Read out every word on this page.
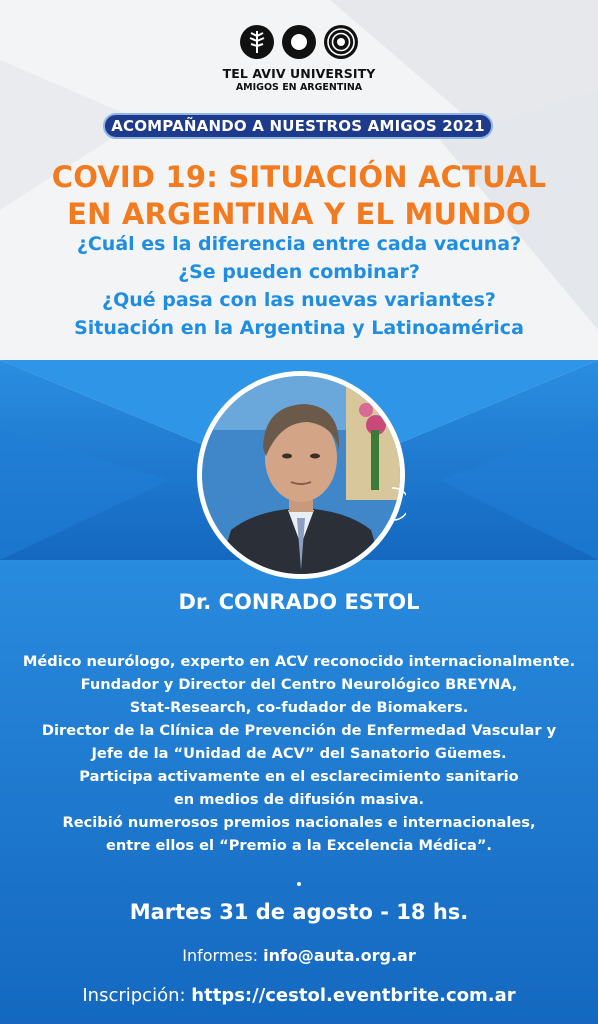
TEL AVIV UNIVERSITY
AMIGOS EN ARGENTINA
ACOMPAÑANDO A NUESTROS AMIGOS 2021
COVID 19: SITUACIÓN ACTUAL
EN ARGENTINA Y EL MUNDO
¿Cuál es la diferencia entre cada vacuna?
¿Se pueden combinar?
¿Qué pasa con las nuevas variantes?
Situación en la Argentina y Latinoamérica
Dr. CONRADO ESTOL
Médico neurólogo, experto en ACV reconocido internacionalmente.
Fundador y Director del Centro Neurológico BREYNA,
Stat-Research, co-fudador de Biomakers.
Director de la Clínica de Prevención de Enfermedad Vascular y
Jefe de la “Unidad de ACV” del Sanatorio Güemes.
Participa activamente en el esclarecimiento sanitario
en medios de difusión masiva.
Recibió numerosos premios nacionales e internacionales,
entre ellos el “Premio a la Excelencia Médica”.
Martes 31 de agosto - 18 hs.
Informes: info@auta.org.ar
Inscripción: https://cestol.eventbrite.com.ar
